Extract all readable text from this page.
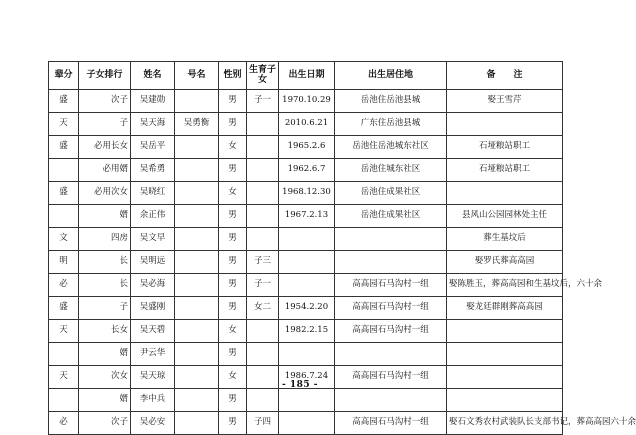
辈分	子女排行	姓名	号名	性别	生育子女	出生日期	出生居住地	备　　注
盛	次子	吴建勋		男	子一	1970.10.29	岳池住岳池县城	娶王雪芹
天	子	吴天海	吴勇衡	男		2010.6.21	广东住岳池县城	
盛	必用长女	吴岳平		女		1965.2.6	岳池住岳池城东社区	石垭粮站职工
	必用婿	吴希勇		男		1962.6.7	岳池住城东社区	石垭粮站职工
盛	必用次女	吴晓红		女		1968.12.30	岳池住成果社区	
	婿	余正伟		男		1967.2.13	岳池住成果社区	县风山公园园林处主任
文	四房	吴文早		男				葬生基坟后
明	长	吴明远		男	子三			娶罗氏葬高高园
必	长	吴必海		男	子一		高高园石马沟村一组	娶陈胜玉，葬高高园和生基坟后，六十余
盛	子	吴盛刚		男	女二	1954.2.20	高高园石马沟村一组	娶龙廷群刚葬高高园
天	长女	吴天碧		女		1982.2.15	高高园石马沟村一组	
	婿	尹云华		男				
天	次女	吴天琼		女		1986.7.24	高高园石马沟村一组	
	婿	李中兵		男				
必	次子	吴必安		男	子四		高高园石马沟村一组	娶石文秀农村武装队长支部书记，葬高高园六十余
- 185 -
